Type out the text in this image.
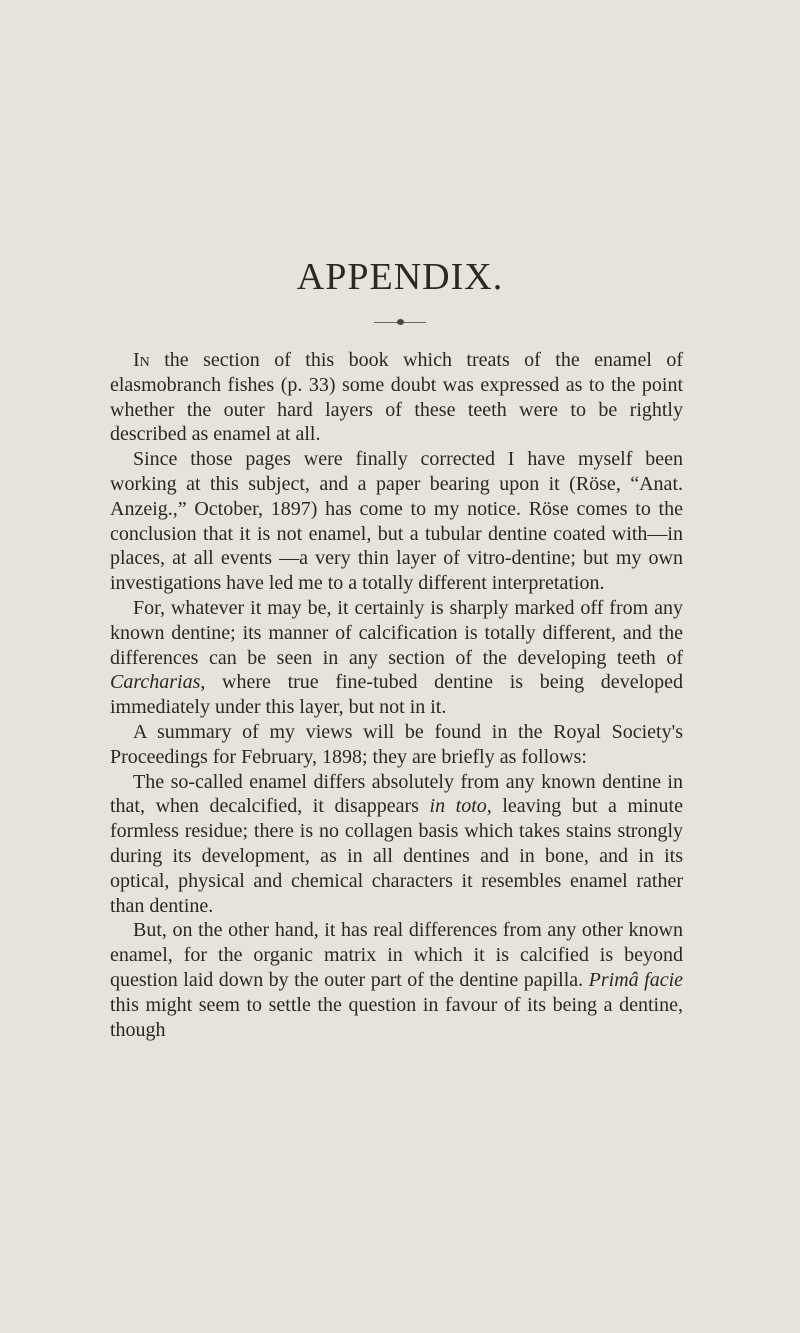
APPENDIX.

In the section of this book which treats of the enamel of elasmobranch fishes (p. 33) some doubt was expressed as to the point whether the outer hard layers of these teeth were to be rightly described as enamel at all.

Since those pages were finally corrected I have myself been working at this subject, and a paper bearing upon it (Röse, “Anat. Anzeig.,” October, 1897) has come to my notice. Röse comes to the conclusion that it is not enamel, but a tubular dentine coated with—in places, at all events —a very thin layer of vitro-dentine; but my own investigations have led me to a totally different interpretation.

For, whatever it may be, it certainly is sharply marked off from any known dentine; its manner of calcification is totally different, and the differences can be seen in any section of the developing teeth of Carcharias, where true fine-tubed dentine is being developed immediately under this layer, but not in it.

A summary of my views will be found in the Royal Society's Proceedings for February, 1898; they are briefly as follows:

The so-called enamel differs absolutely from any known dentine in that, when decalcified, it disappears in toto, leaving but a minute formless residue; there is no collagen basis which takes stains strongly during its development, as in all dentines and in bone, and in its optical, physical and chemical characters it resembles enamel rather than dentine.

But, on the other hand, it has real differences from any other known enamel, for the organic matrix in which it is calcified is beyond question laid down by the outer part of the dentine papilla. Primâ facie this might seem to settle the question in favour of its being a dentine, though
